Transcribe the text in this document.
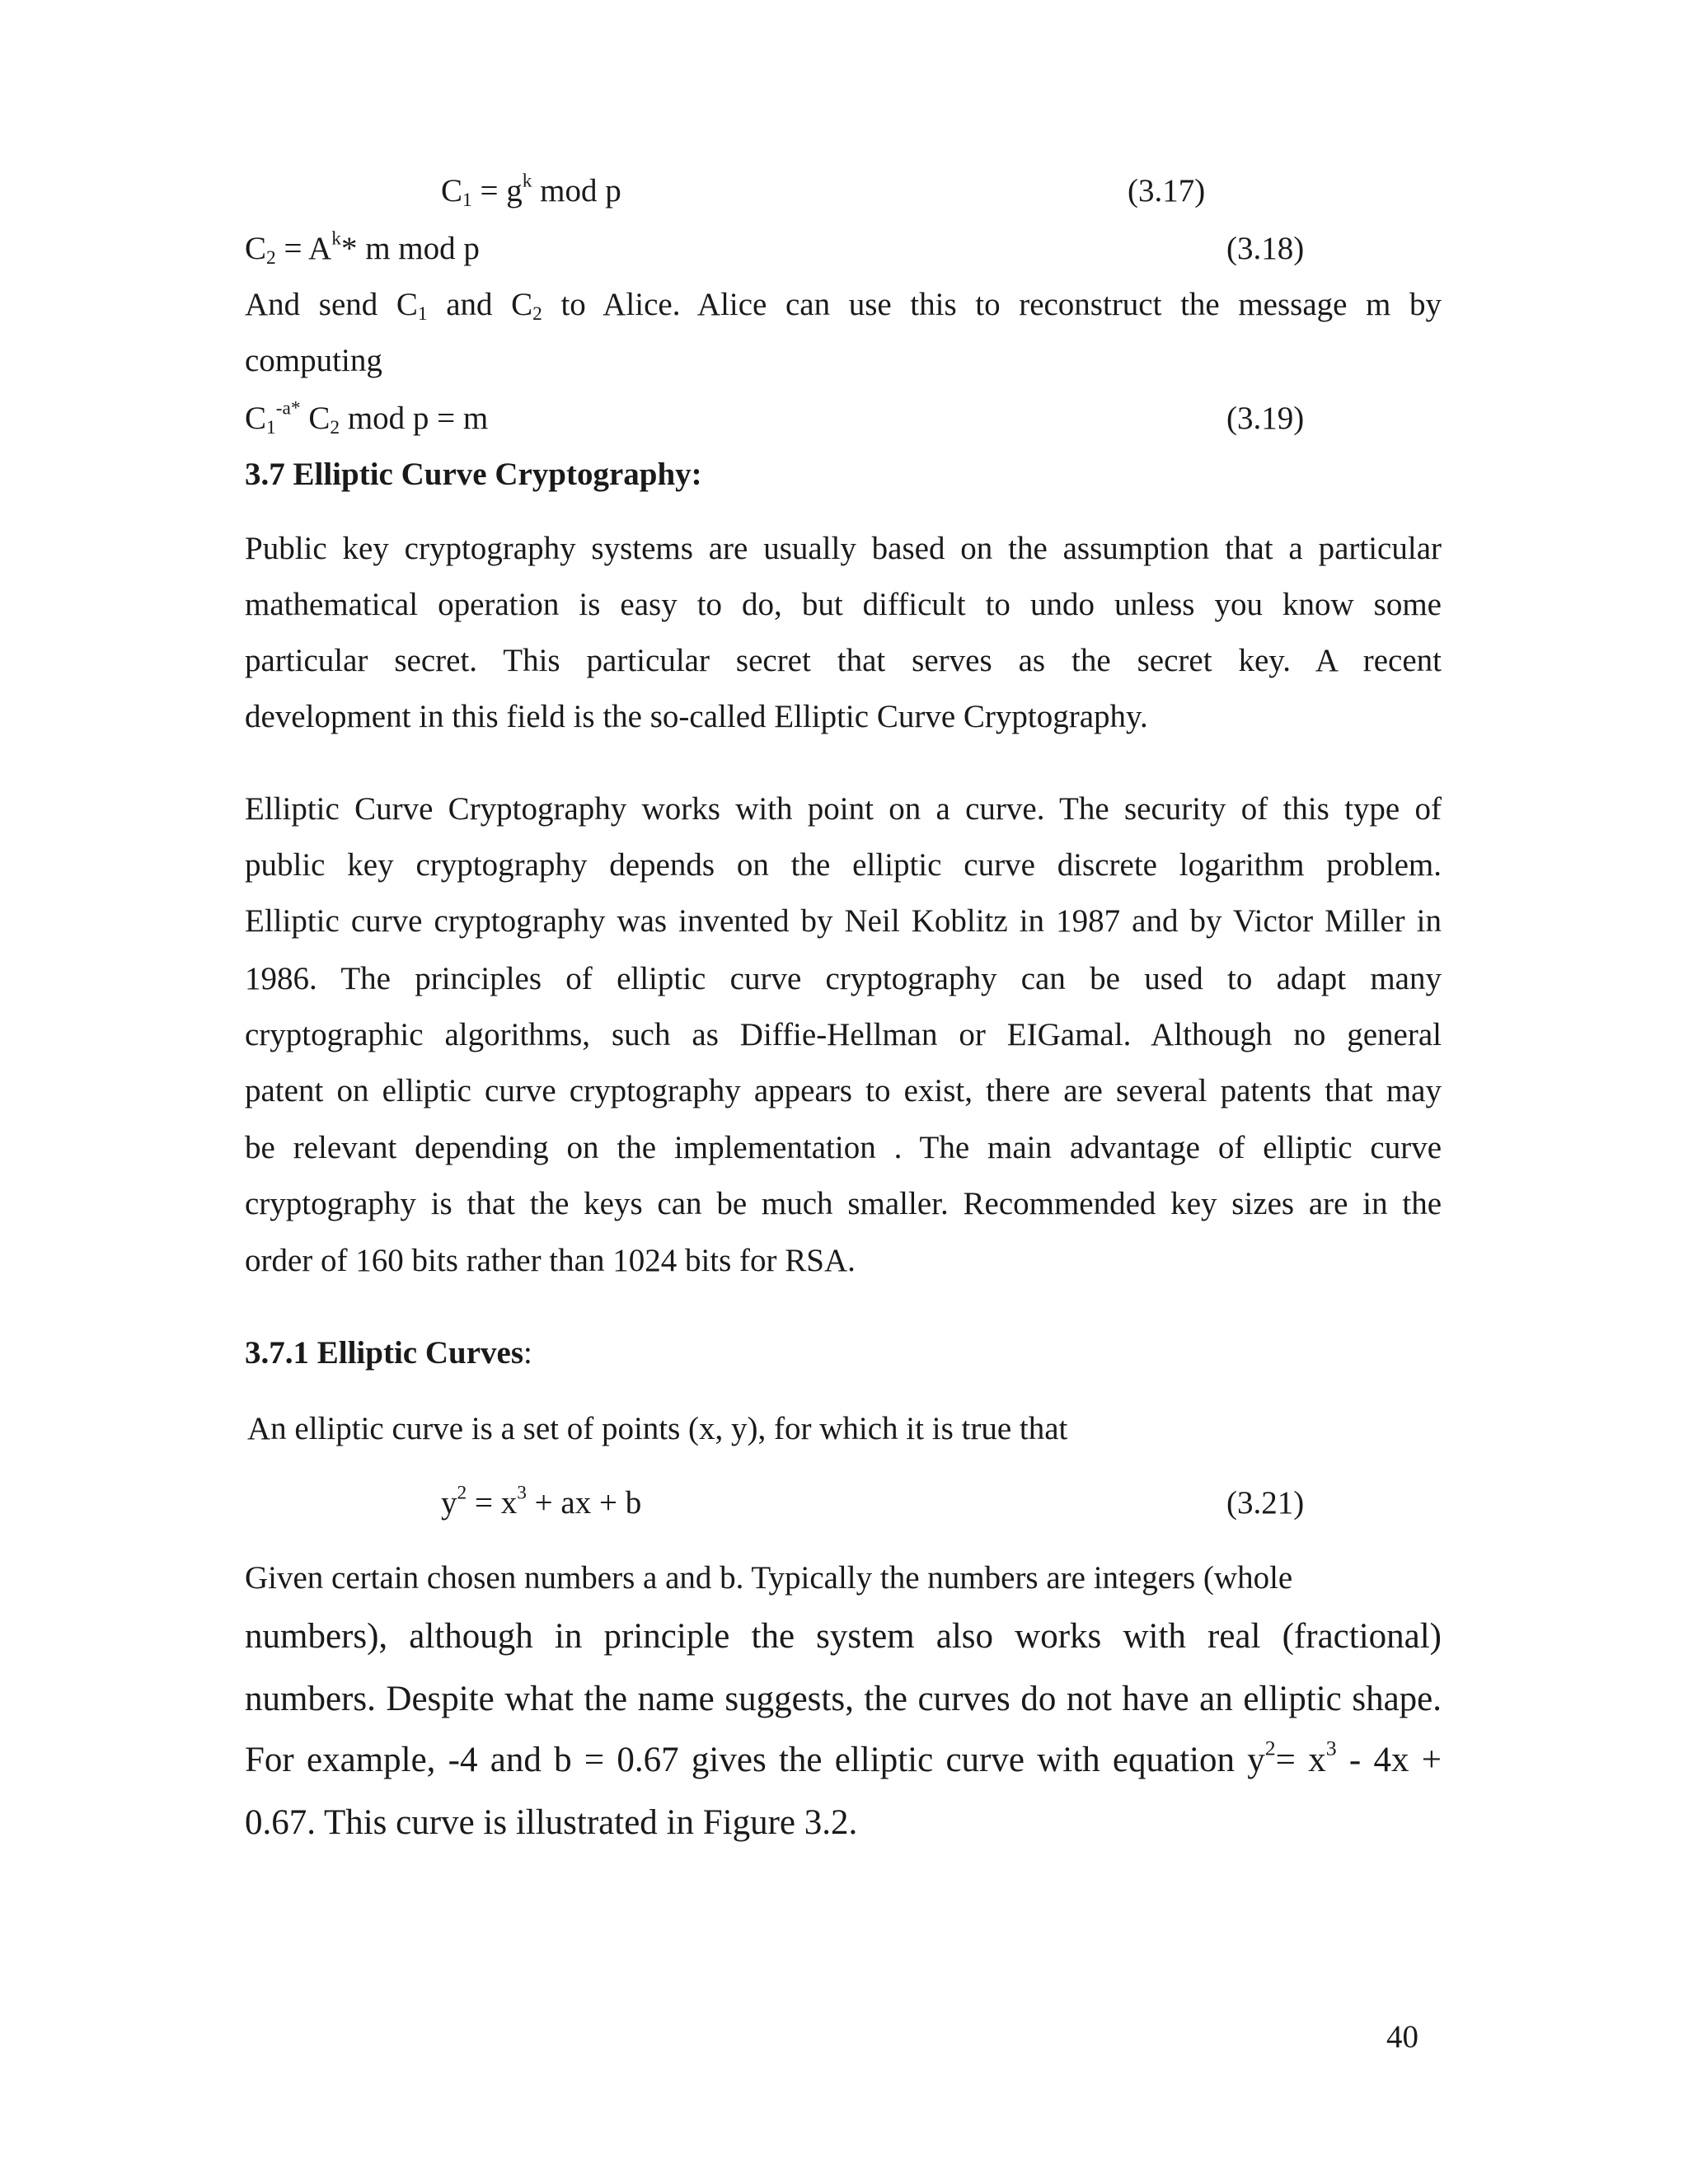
$C_1 = g^k$ mod p	(3.17)
$C_2 = A^k*$ m mod p	(3.18)
And send $C_1$ and $C_2$ to Alice. Alice can use this to reconstruct the message m by
computing
$C_1^{-a*}$ $C_2$ mod p = m	(3.19)
3.7 Elliptic Curve Cryptography:
Public key cryptography systems are usually based on the assumption that a particular
mathematical operation is easy to do, but difficult to undo unless you know some
particular secret. This particular secret that serves as the secret key. A recent
development in this field is the so-called Elliptic Curve Cryptography.
Elliptic Curve Cryptography works with point on a curve. The security of this type of
public key cryptography depends on the elliptic curve discrete logarithm problem.
Elliptic curve cryptography was invented by Neil Koblitz in 1987 and by Victor Miller in
1986. The principles of elliptic curve cryptography can be used to adapt many
cryptographic algorithms, such as Diffie-Hellman or EIGamal. Although no general
patent on elliptic curve cryptography appears to exist, there are several patents that may
be relevant depending on the implementation . The main advantage of elliptic curve
cryptography is that the keys can be much smaller. Recommended key sizes are in the
order of 160 bits rather than 1024 bits for RSA.
3.7.1 Elliptic Curves:
An elliptic curve is a set of points (x, y), for which it is true that
$y^2 = x^3$ + ax + b	(3.21)
Given certain chosen numbers a and b. Typically the numbers are integers (whole
numbers), although in principle the system also works with real (fractional)
numbers. Despite what the name suggests, the curves do not have an elliptic shape.
For example, -4 and b = 0.67 gives the elliptic curve with equation $y^2= x^3 - 4x$ +
0.67. This curve is illustrated in Figure 3.2.
40
